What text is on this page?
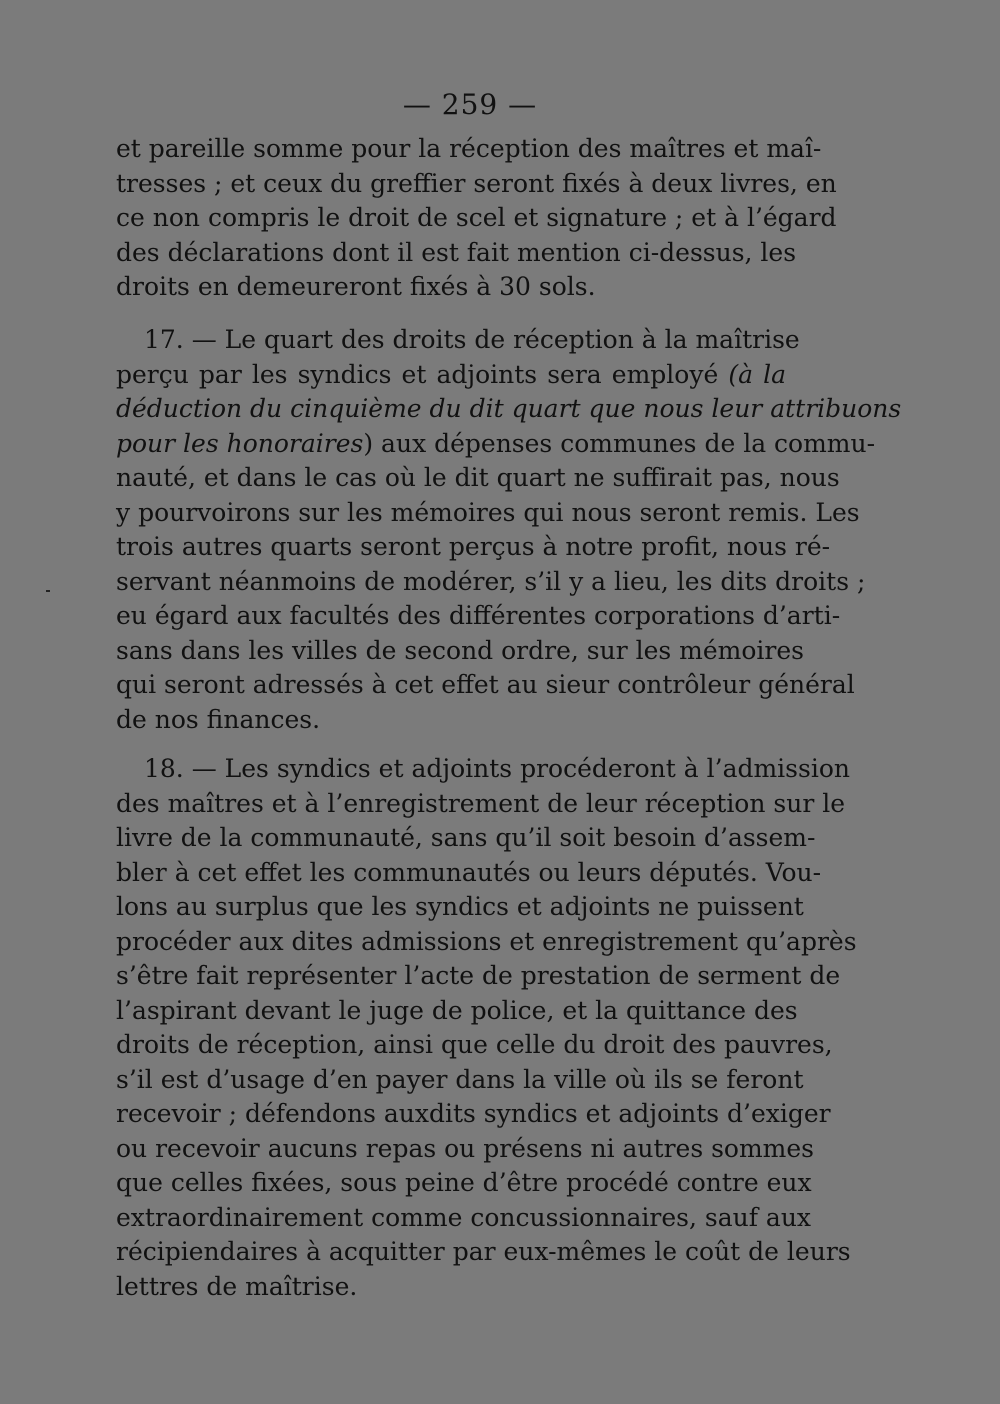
— 259 —
et pareille somme pour la réception des maîtres et maî-
tresses ; et ceux du greffier seront fixés à deux livres, en
ce non compris le droit de scel et signature ; et à l’égard
des déclarations dont il est fait mention ci-dessus, les
droits en demeureront fixés à 30 sols.
17. — Le quart des droits de réception à la maîtrise
perçu par les syndics et adjoints sera employé (à la
déduction du cinquième du dit quart que nous leur attribuons
pour les honoraires) aux dépenses communes de la commu-
nauté, et dans le cas où le dit quart ne suffirait pas, nous
y pourvoirons sur les mémoires qui nous seront remis. Les
trois autres quarts seront perçus à notre profit, nous ré-
servant néanmoins de modérer, s’il y a lieu, les dits droits ;
eu égard aux facultés des différentes corporations d’arti-
sans dans les villes de second ordre, sur les mémoires
qui seront adressés à cet effet au sieur contrôleur général
de nos finances.
18. — Les syndics et adjoints procéderont à l’admission
des maîtres et à l’enregistrement de leur réception sur le
livre de la communauté, sans qu’il soit besoin d’assem-
bler à cet effet les communautés ou leurs députés. Vou-
lons au surplus que les syndics et adjoints ne puissent
procéder aux dites admissions et enregistrement qu’après
s’être fait représenter l’acte de prestation de serment de
l’aspirant devant le juge de police, et la quittance des
droits de réception, ainsi que celle du droit des pauvres,
s’il est d’usage d’en payer dans la ville où ils se feront
recevoir ; défendons auxdits syndics et adjoints d’exiger
ou recevoir aucuns repas ou présens ni autres sommes
que celles fixées, sous peine d’être procédé contre eux
extraordinairement comme concussionnaires, sauf aux
récipiendaires à acquitter par eux-mêmes le coût de leurs
lettres de maîtrise.
